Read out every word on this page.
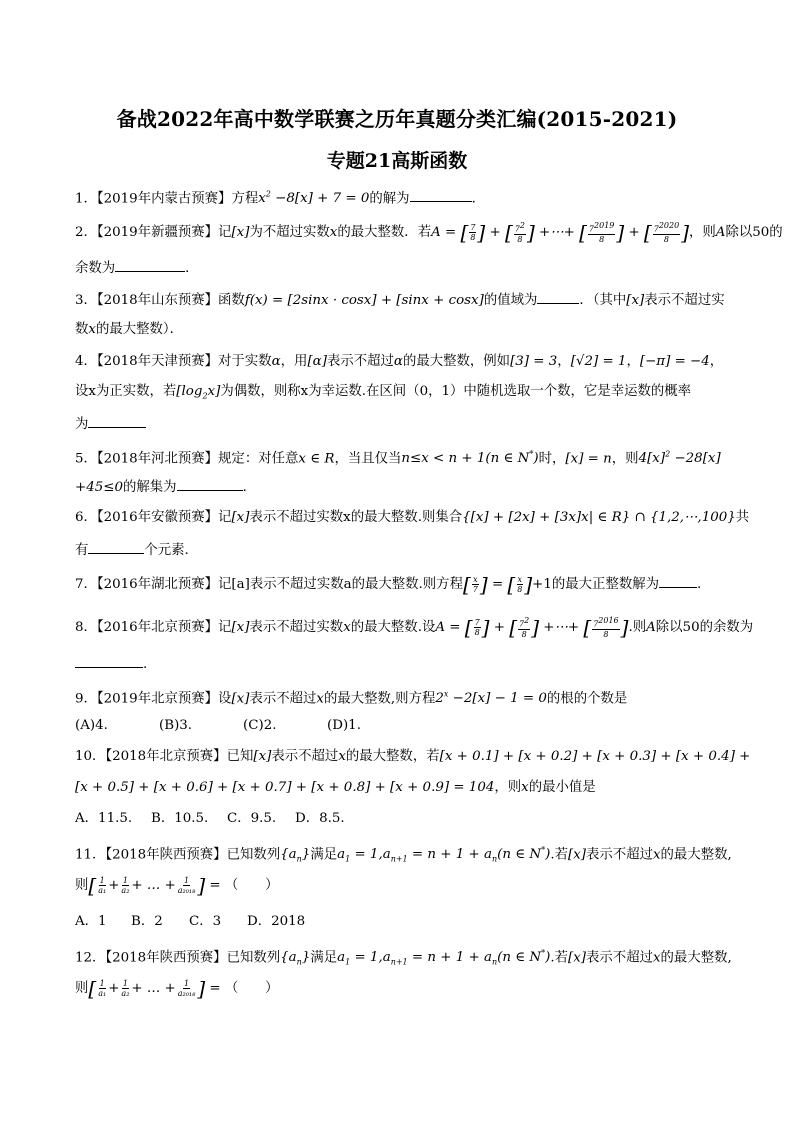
备战2022年高中数学联赛之历年真题分类汇编(2015-2021)
专题21高斯函数
1．【2019年内蒙古预赛】方程$x^2 -8[x] + 7 = 0$的解为	．
2．【2019年新疆预赛】记[x]为不超过实数x的最大整数．若A = [ $\frac{7}{8}$ ] + [ $\frac{7^2}{8}$ ] +⋯+ [ $\frac{7^{2019}}{8}$ ] + [ $\frac{7^{2020}}{8}$ ]，则A除以50的
余数为	．
3．【2018年山东预赛】函数f(x) = [2sinx · cosx] + [sinx + cosx]的值域为	．（其中[x]表示不超过实
数x的最大整数）．
4．【2018年天津预赛】对于实数α，用[α]表示不超过α的最大整数，例如[3] = 3，[√2] = 1，[−π] = −4，
设x为正实数，若$[\log_2x]$为偶数，则称x为幸运数.在区间（0，1）中随机选取一个数，它是幸运数的概率
为
5．【2018年河北预赛】规定：对任意x ∈ R，当且仅当n≤x < n + 1(n ∈ N*)时，[x] = n，则$4[x]^2 -28[x]$
+45≤0的解集为	．
6．【2016年安徽预赛】记[x]表示不超过实数x的最大整数.则集合{[x] + [2x] + [3x]x| ∈ R} ∩ {1,2,⋯,100}共
有	个元素.
7．【2016年湖北预赛】记[a]表示不超过实数a的最大整数.则方程[ $\frac{x}{7}$ ] = [ $\frac{x}{8} ]+1$的最大正整数解为	.
8．【2016年北京预赛】记[x]表示不超过实数x的最大整数.设A = [ $\frac{7}{8}$ ] + [ $\frac{7^2}{8}$ ] +⋯+ [ $\frac{7^{2016}}{8}$ ].则A除以50的余数为
.
9．【2019年北京预赛】设[x]表示不超过x的最大整数,则方程$2^x -2[x] - 1 = 0$的根的个数是
(A)4.	(B)3.	(C)2.	(D)1.
10．【2018年北京预赛】已知[x]表示不超过x的最大整数，若[x + 0.1] + [x + 0.2] + [x + 0.3] + [x + 0.4] +
[x + 0.5] + [x + 0.6] + [x + 0.7] + [x + 0.8] + [x + 0.9] = 104，则x的最小值是
A．11.5. B．10.5. C．9.5. D．8.5.
11．【2018年陕西预赛】已知数列$\{a_n\}$满足$a_1 = 1,a_{n+1} = n + 1 + a_n(n$ ∈ N*).若[x]表示不超过x的最大整数,
则[ $\frac{1}{\text{a₁}} + \frac{1}{\text{a₂}}$ + … + $\frac{1}{\text{a₂₀₁₈}}$ ] = （　　）
A．1 B．2 C．3 D．2018
12．【2018年陕西预赛】已知数列$\{a_n\}$满足$a_1 = 1,a_{n+1} = n + 1 + a_n(n$ ∈ N*).若[x]表示不超过x的最大整数,
则[ $\frac{1}{\text{a₁}} + \frac{1}{\text{a₂}}$ + … + $\frac{1}{\text{a₂₀₁₈}}$ ] = （　　）
